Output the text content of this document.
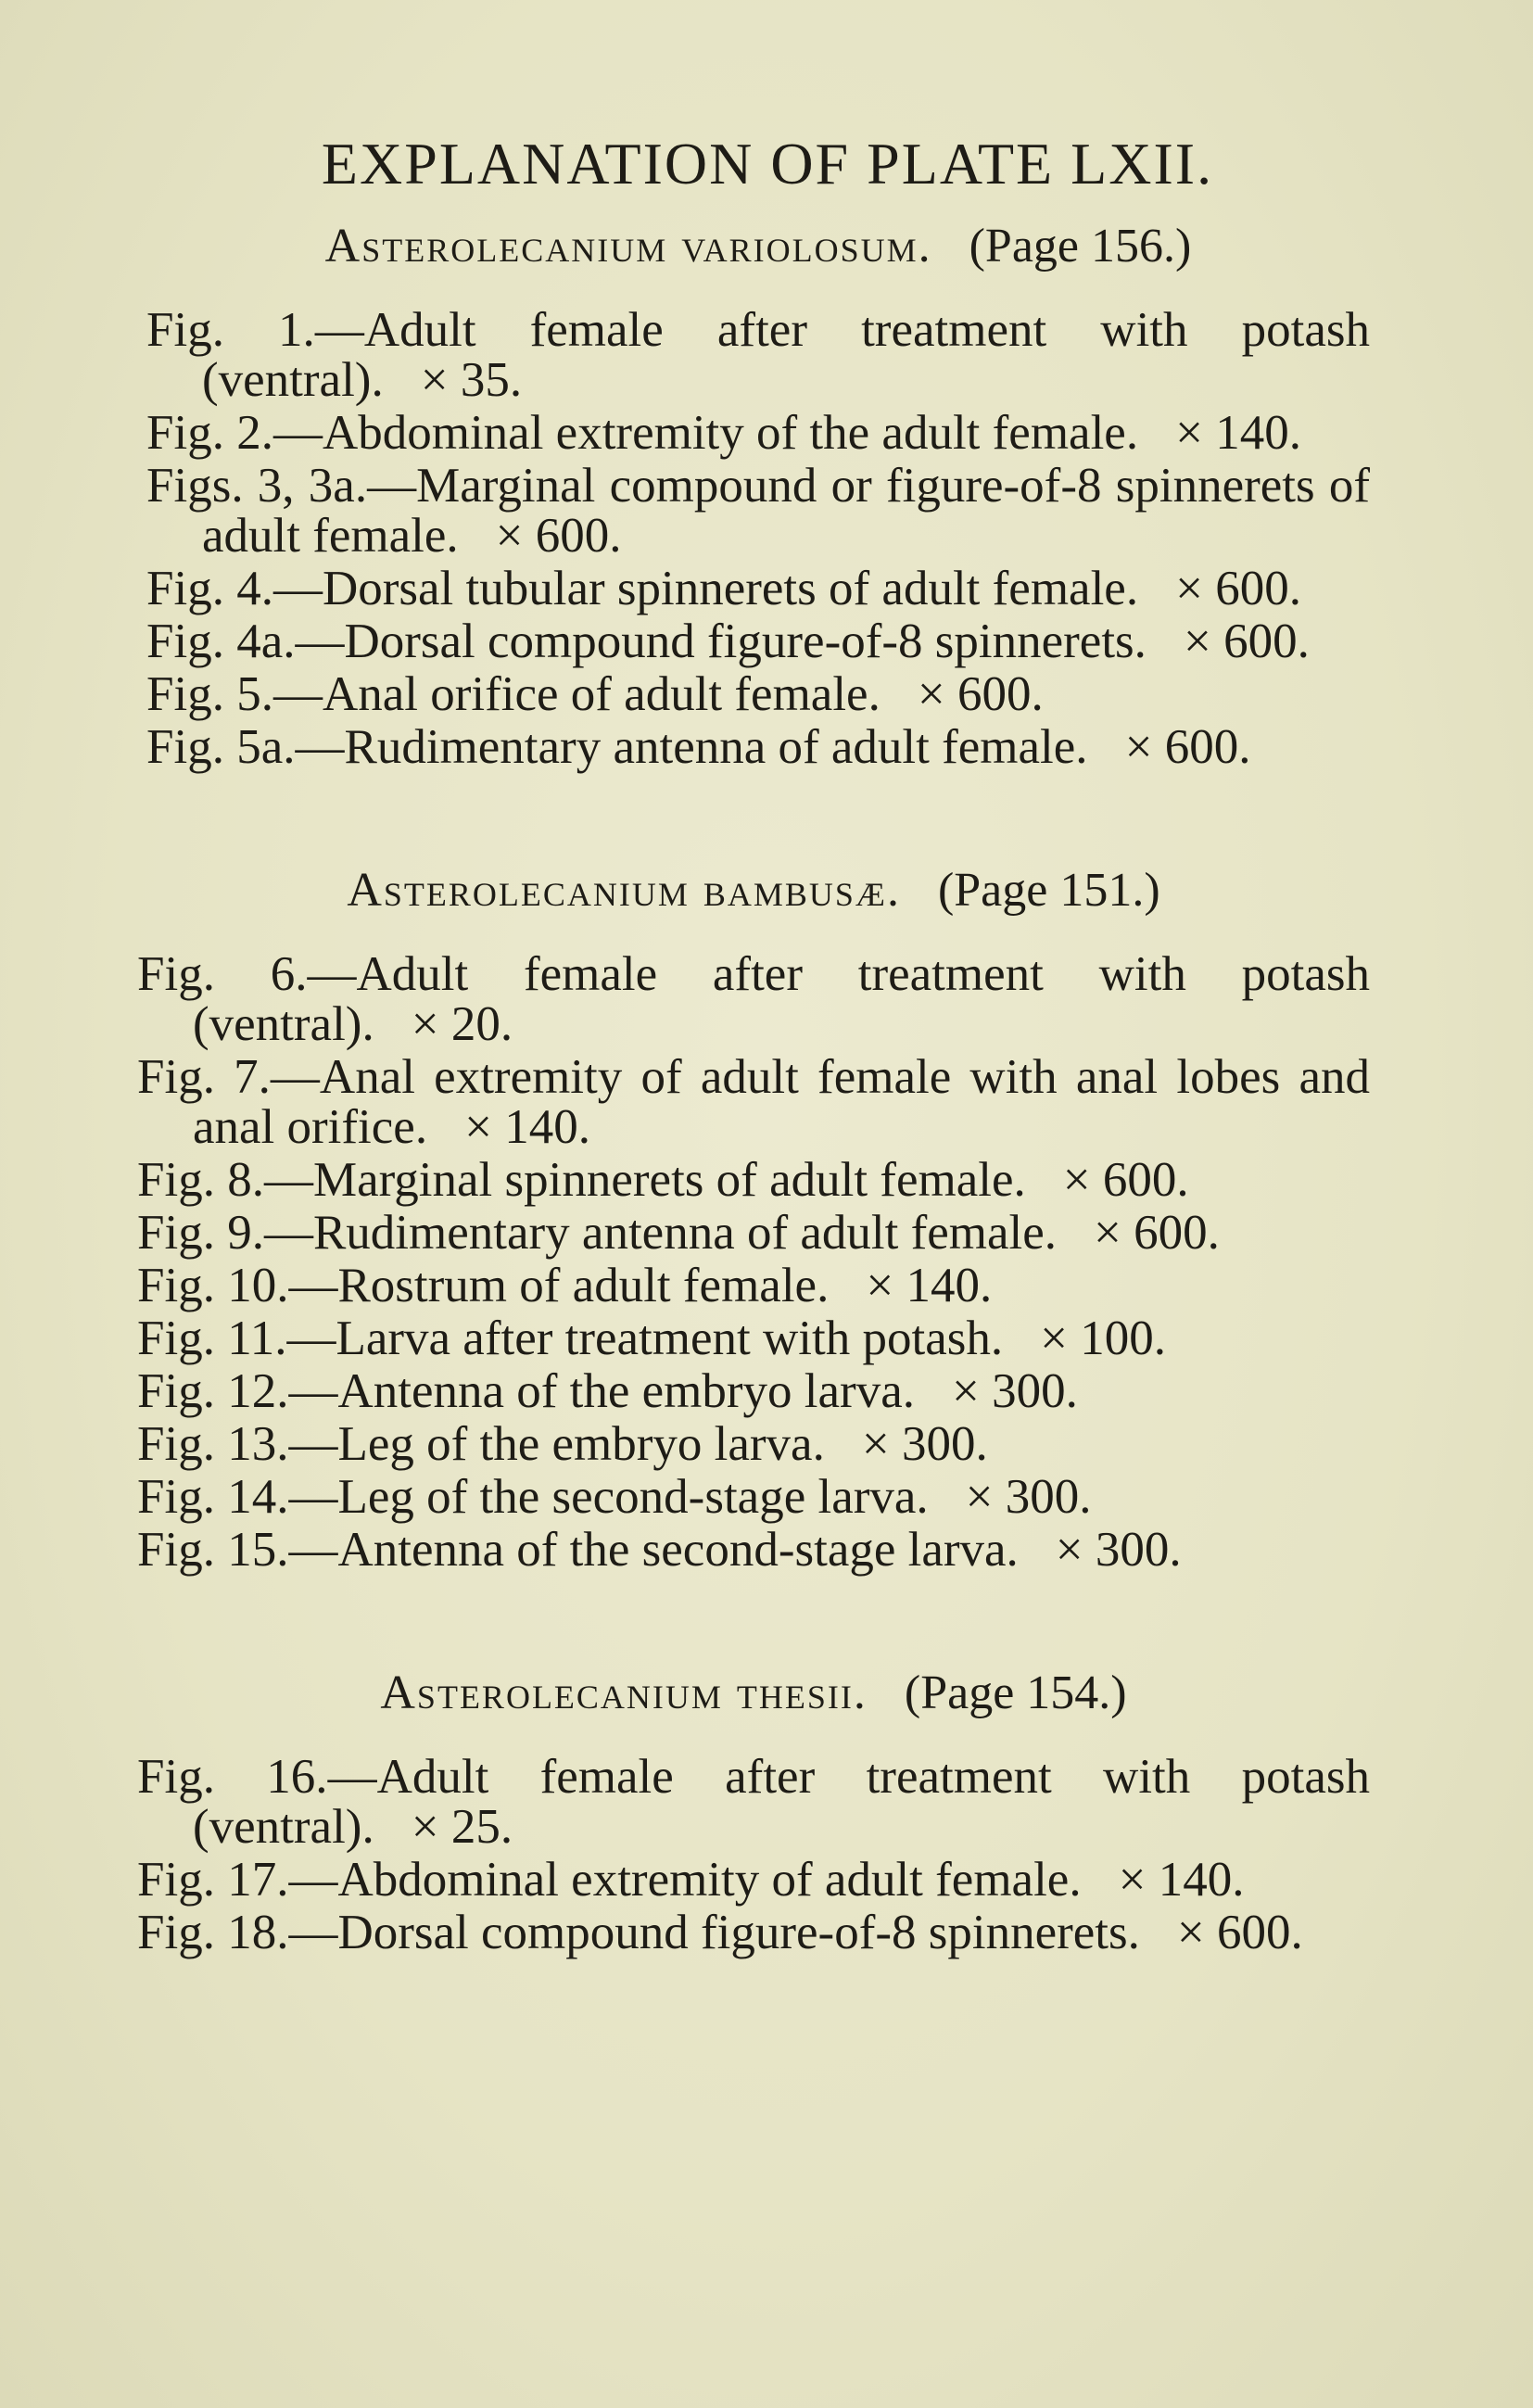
EXPLANATION OF PLATE LXII.
Asterolecanium variolosum. (Page 156.)
Fig. 1.—Adult female after treatment with potash (ventral). × 35.
Fig. 2.—Abdominal extremity of the adult female. × 140.
Figs. 3, 3a.—Marginal compound or figure-of-8 spinnerets of adult female. × 600.
Fig. 4.—Dorsal tubular spinnerets of adult female. × 600.
Fig. 4a.—Dorsal compound figure-of-8 spinnerets. × 600.
Fig. 5.—Anal orifice of adult female. × 600.
Fig. 5a.—Rudimentary antenna of adult female. × 600.
Asterolecanium bambusæ. (Page 151.)
Fig. 6.—Adult female after treatment with potash (ventral). × 20.
Fig. 7.—Anal extremity of adult female with anal lobes and anal orifice. × 140.
Fig. 8.—Marginal spinnerets of adult female. × 600.
Fig. 9.—Rudimentary antenna of adult female. × 600.
Fig. 10.—Rostrum of adult female. × 140.
Fig. 11.—Larva after treatment with potash. × 100.
Fig. 12.—Antenna of the embryo larva. × 300.
Fig. 13.—Leg of the embryo larva. × 300.
Fig. 14.—Leg of the second-stage larva. × 300.
Fig. 15.—Antenna of the second-stage larva. × 300.
Asterolecanium thesii. (Page 154.)
Fig. 16.—Adult female after treatment with potash (ventral). × 25.
Fig. 17.—Abdominal extremity of adult female. × 140.
Fig. 18.—Dorsal compound figure-of-8 spinnerets. × 600.
